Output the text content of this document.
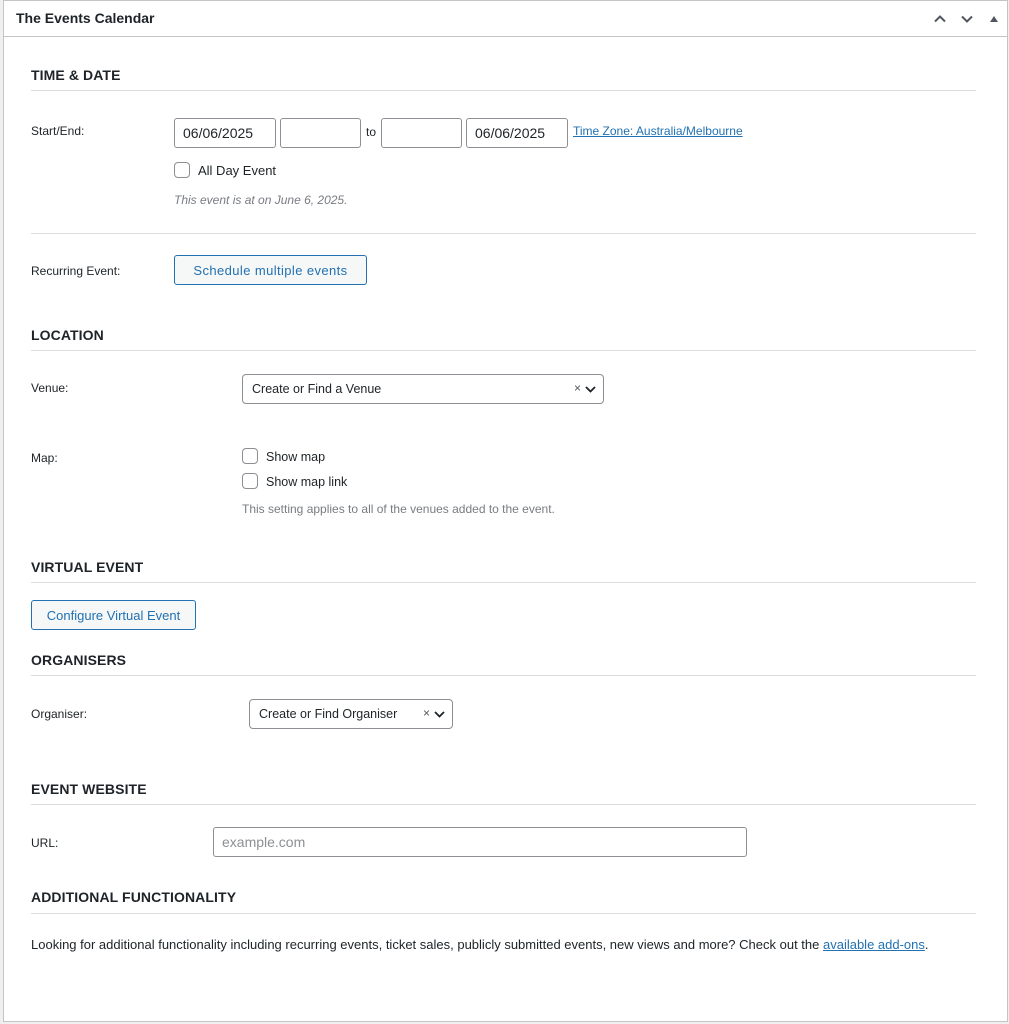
The Events Calendar
TIME & DATE
Start/End:
06/06/2025	to
06/06/2025	Time Zone: Australia/Melbourne
All Day Event
This event is at on June 6, 2025.
Recurring Event:	Schedule multiple events
LOCATION
Venue:	Create or Find a Venue	×
Map:	Show map
Show map link
This setting applies to all of the venues added to the event.
VIRTUAL EVENT
Configure Virtual Event
ORGANISERS
Organiser:	Create or Find Organiser ×
EVENT WEBSITE
URL:
example.com
ADDITIONAL FUNCTIONALITY
Looking for additional functionality including recurring events, ticket sales, publicly submitted events, new views and more? Check out the available add-ons.
